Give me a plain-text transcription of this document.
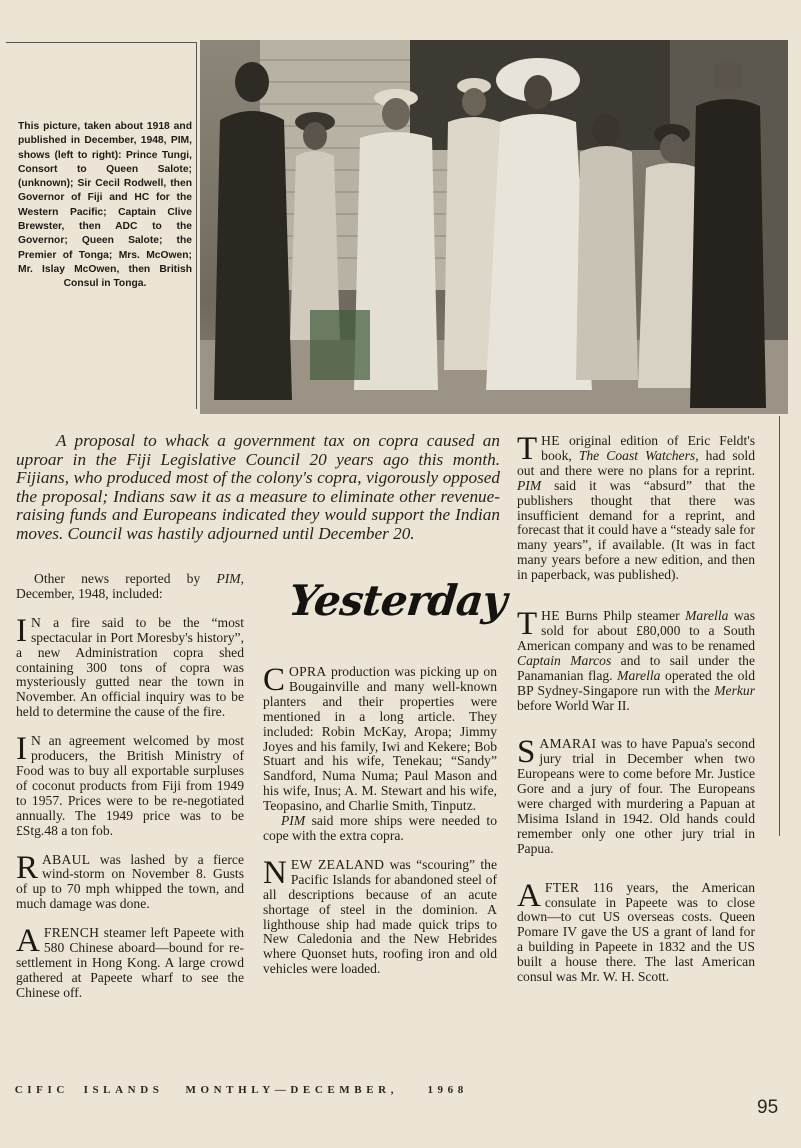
This picture, taken about 1918 and published in December, 1948, PIM, shows (left to right): Prince Tungi, Consort to Queen Salote; (unknown); Sir Cecil Rodwell, then Governor of Fiji and HC for the Western Pacific; Captain Clive Brewster, then ADC to the Governor; Queen Salote; the Premier of Tonga; Mrs. McOwen; Mr. Islay McOwen, then British Consul in Tonga.
A proposal to whack a government tax on copra caused an uproar in the Fiji Legislative Council 20 years ago this month. Fijians, who produced most of the colony's copra, vigorously opposed the proposal; Indians saw it as a measure to eliminate other revenue-raising funds and Europeans indicated they would support the Indian moves. Council was hastily adjourned until December 20.
Yesterday

Other news reported by PIM, December, 1948, included:

I N a fire said to be the “most spectacular in Port Moresby's history”, a new Administration copra shed containing 300 tons of copra was mysteriously gutted near the town in November. An official inquiry was to be held to determine the cause of the fire.

I N an agreement welcomed by most producers, the British Ministry of Food was to buy all exportable surpluses of coconut products from Fiji from 1949 to 1957. Prices were to be re-negotiated annually. The 1949 price was to be £Stg.48 a ton fob.

RABAUL was lashed by a fierce wind-storm on November 8. Gusts of up to 70 mph whipped the town, and much damage was done.

A FRENCH steamer left Papeete with 580 Chinese aboard—bound for re-settlement in Hong Kong. A large crowd gathered at Papeete wharf to see the Chinese off.

COPRA production was picking up on Bougainville and many well-known planters and their properties were mentioned in a long article. They included: Robin McKay, Aropa; Jimmy Joyes and his family, Iwi and Kekere; Bob Stuart and his wife, Tenekau; “Sandy” Sandford, Numa Numa; Paul Mason and his wife, Inus; A. M. Stewart and his wife, Teopasino, and Charlie Smith, Tinputz.

PIM said more ships were needed to cope with the extra copra.

NEW ZEALAND was “scouring” the Pacific Islands for abandoned steel of all descriptions because of an acute shortage of steel in the dominion. A lighthouse ship had made quick trips to New Caledonia and the New Hebrides where Quonset huts, roofing iron and old vehicles were loaded.

THE original edition of Eric Feldt's book, The Coast Watchers, had sold out and there were no plans for a reprint. PIM said it was “absurd” that the publishers thought that there was insufficient demand for a reprint, and forecast that it could have a “steady sale for many years”, if available. (It was in fact many years before a new edition, and then in paperback, was published).

THE Burns Philp steamer Marella was sold for about £80,000 to a South American company and was to be renamed Captain Marcos and to sail under the Panamanian flag. Marella operated the old BP Sydney-Singapore run with the Merkur before World War II.

SAMARAI was to have Papua's second jury trial in December when two Europeans were to come before Mr. Justice Gore and a jury of four. The Europeans were charged with murdering a Papuan at Misima Island in 1942. Old hands could remember only one other jury trial in Papua.

AFTER 116 years, the American consulate in Papeete was to close down—to cut US overseas costs. Queen Pomare IV gave the US a grant of land for a building in Papeete in 1832 and the US built a house there. The last American consul was Mr. W. H. Scott.

CIFIC  ISLANDS   MONTHLY—DECEMBER,    1968
95
